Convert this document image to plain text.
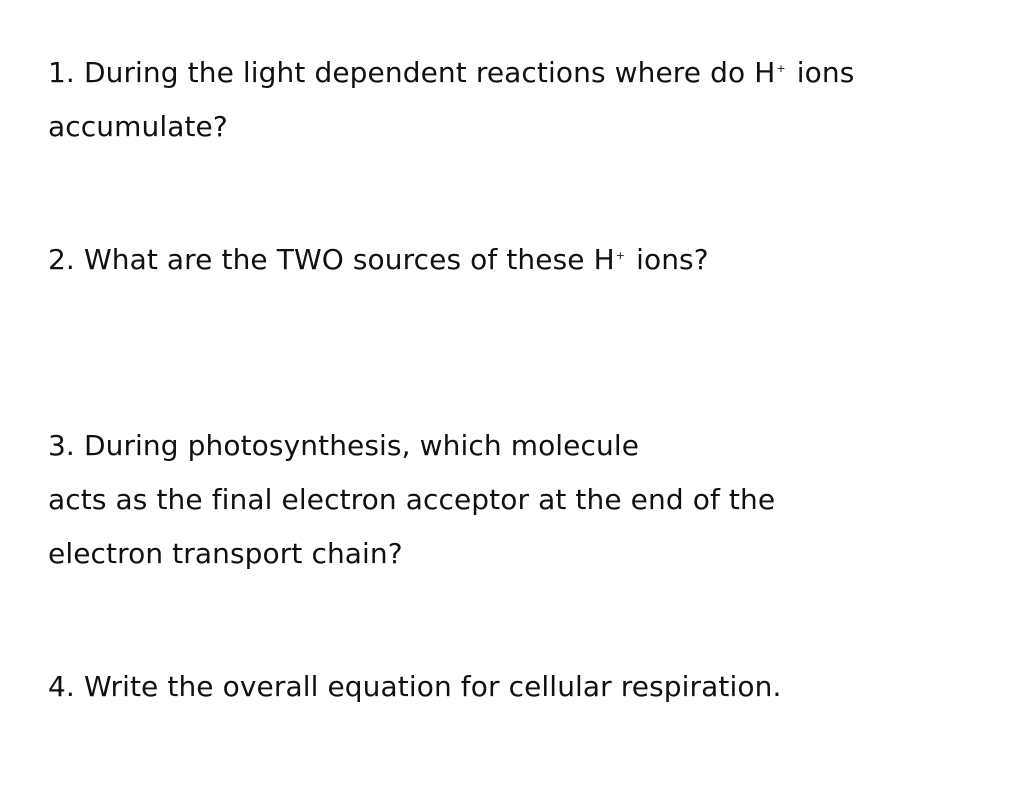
1. During the light dependent reactions where do H+ ions
accumulate?
2. What are the TWO sources of these H+ ions?
3. During photosynthesis, which molecule
acts as the final electron acceptor at the end of the
electron transport chain?
4. Write the overall equation for cellular respiration.
